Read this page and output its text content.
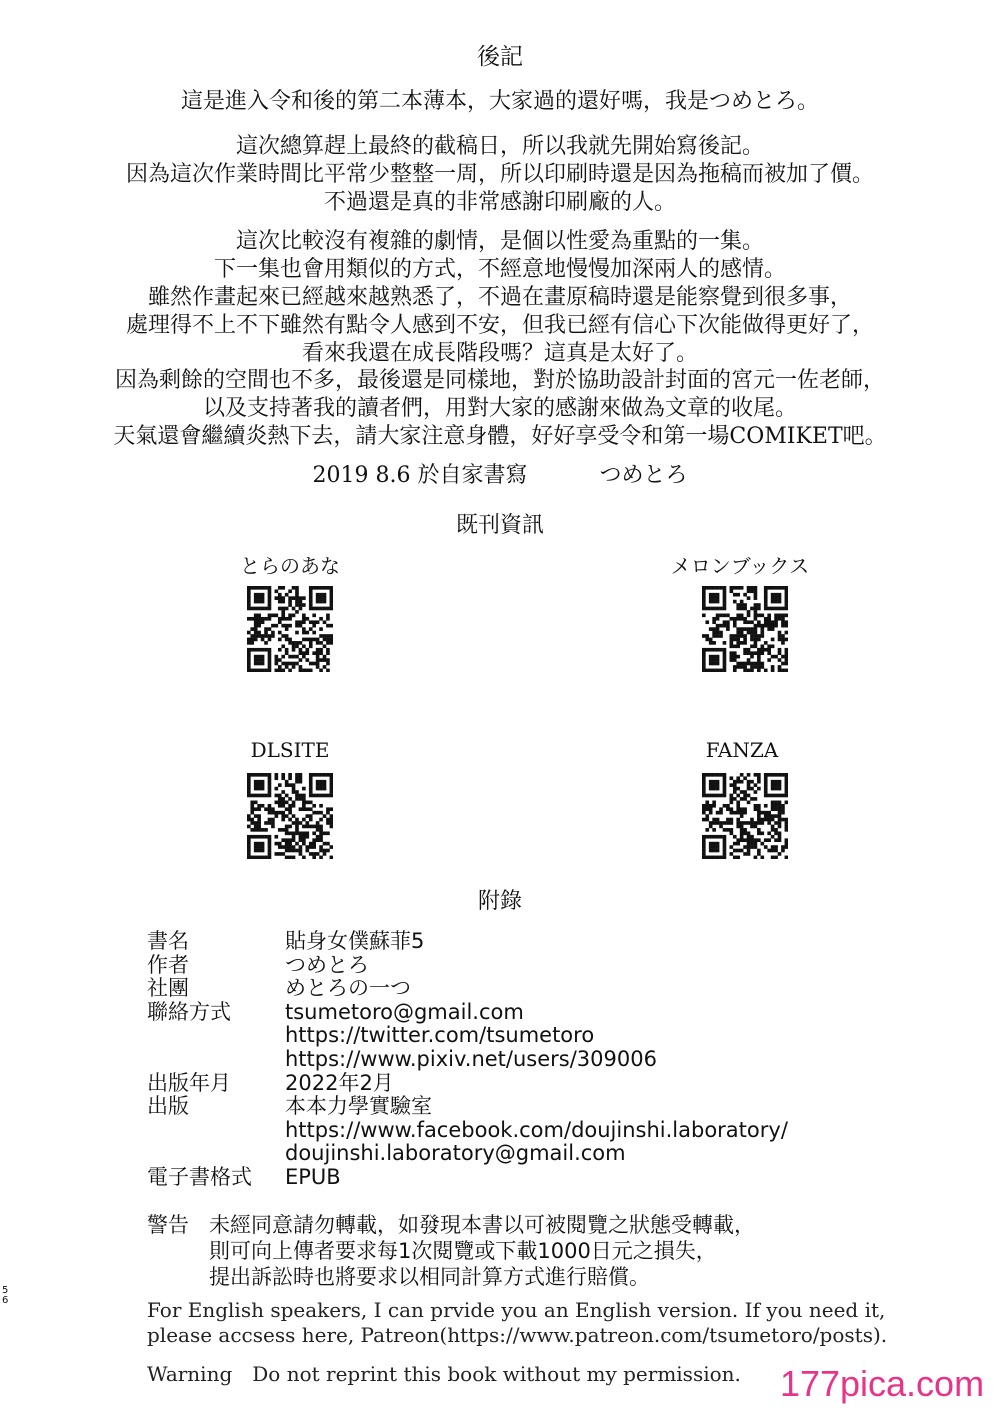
後記
這是進入令和後的第二本薄本，大家過的還好嗎，我是つめとろ。
這次總算趕上最終的截稿日，所以我就先開始寫後記。
因為這次作業時間比平常少整整一周，所以印刷時還是因為拖稿而被加了價。
不過還是真的非常感謝印刷廠的人。
這次比較沒有複雜的劇情，是個以性愛為重點的一集。
下一集也會用類似的方式，不經意地慢慢加深兩人的感情。
雖然作畫起來已經越來越熟悉了，不過在畫原稿時還是能察覺到很多事，
處理得不上不下雖然有點令人感到不安，但我已經有信心下次能做得更好了，
看來我還在成長階段嗎？這真是太好了。
因為剩餘的空間也不多，最後還是同樣地，對於協助設計封面的宮元一佐老師，
以及支持著我的讀者們，用對大家的感謝來做為文章的收尾。
天氣還會繼續炎熱下去，請大家注意身體，好好享受令和第一場COMIKET吧。
2019 8.6 於自家書寫	つめとろ
既刊資訊
とらのあな	メロンブックス
DLSITE	FANZA
附錄
書名	貼身女僕蘇菲5
作者	つめとろ
社團	めとろの一つ
聯絡方式	tsumetoro@gmail.com
https://twitter.com/tsumetoro
https://www.pixiv.net/users/309006
出版年月	2022年2月
出版	本本力學實驗室
https://www.facebook.com/doujinshi.laboratory/
doujinshi.laboratory@gmail.com
電子書格式	EPUB
警告 未經同意請勿轉載，如發現本書以可被閱覽之狀態受轉載，
則可向上傳者要求每1次閱覽或下載1000日元之損失，
提出訴訟時也將要求以相同計算方式進行賠償。
5
6	For English speakers, I can prvide you an English version. If you need it,
please accsess here, Patreon(https://www.patreon.com/tsumetoro/posts).
Warning Do not reprint this book without my permission.	177pica.com
